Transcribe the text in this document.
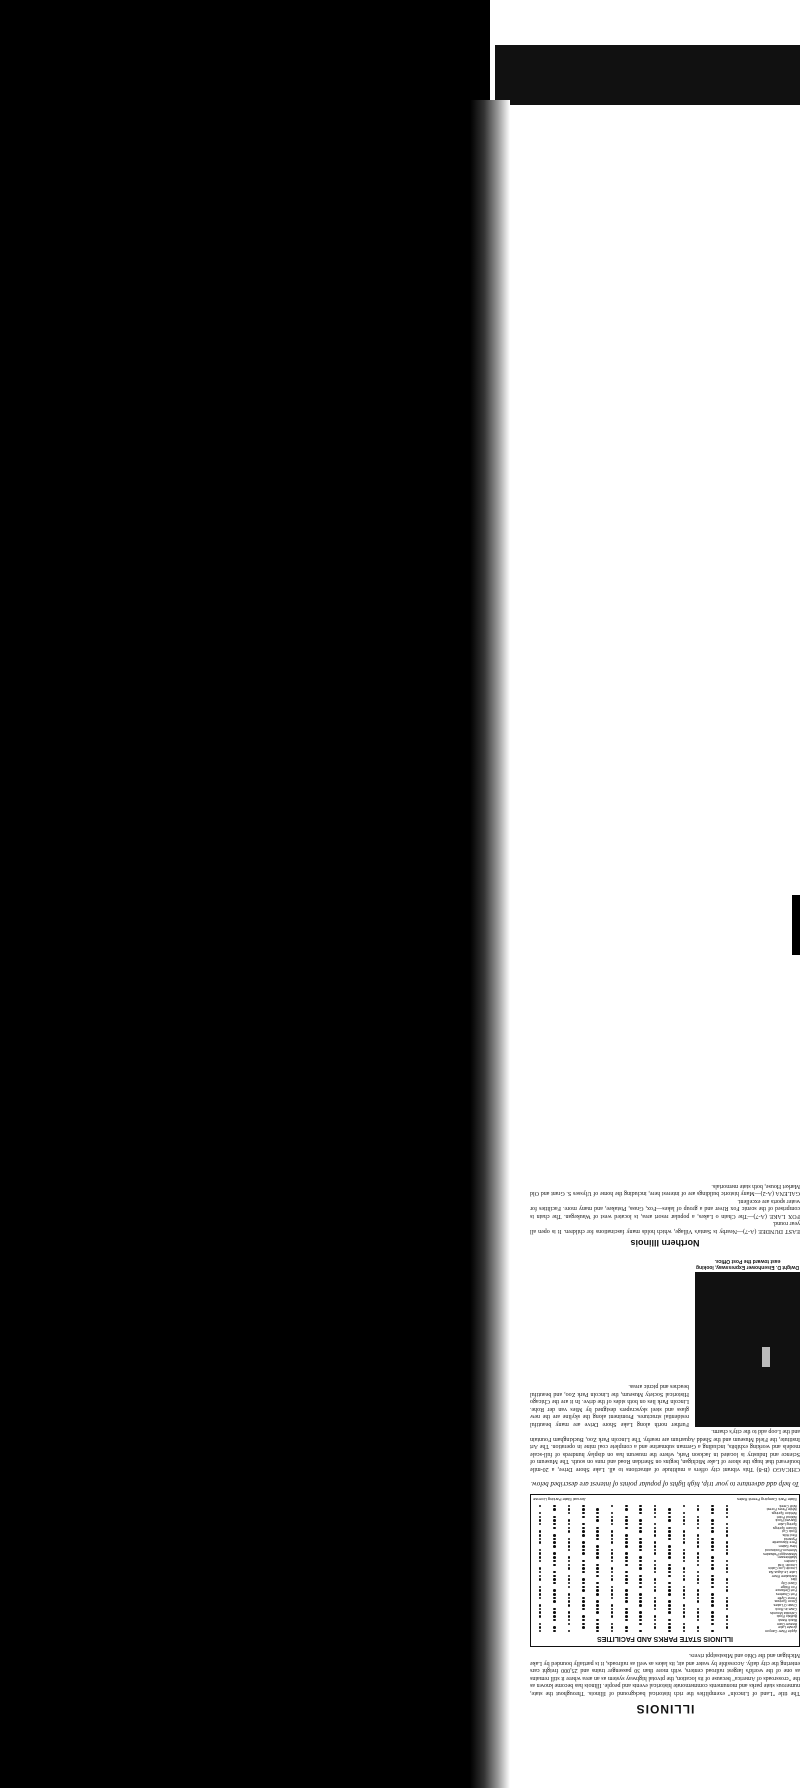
ILLINOIS

The title "Land of Lincoln" exemplifies the rich historical background of Illinois. Throughout the state, numerous state parks and monuments commemorate historical events and people. Illinois has become known as the "crossroads of America" because of its location, the pivotal highway system as an area where it still remains as one of the world's largest railroad centers, with more than 30 passenger trains and 25,000 freight cars entering the city daily. Accessible by water and air, its lakes as well as railroads, it is partially bounded by Lake Michigan and the Ohio and Mississippi rivers.

ILLINOIS STATE PARKS AND FACILITIES
Apple River Canyon
Argyle Lake
Beaver Dam
Black Hawk
Buffalo Rock
Cahokia Mounds
Cave-in-Rock
Chain O'Lakes
Dixon Springs
Ferne Clyffe
Fort Chartres
Fort Defiance
Fox Ridge
Giant City
Illini
Kankakee River
Lake Le-Aqua-Na
Lincoln Log Cabin
Lincoln Trail
Lowden
Matthiessen
Mississippi Palisades
Morrison-Rockwood
New Salem
Pere Marquette
Pyramid
Red Hills
Rock Cut
Siloam Springs
Spring Lake
Starved Rock
Walnut Point
Weldon Springs
White Pines Forest
Wolf Creek
State Park Camping Permit Rates
Annual State Parking License
To help add adventure to your trip, high lights of popular points of interest are described below.

CHICAGO (B-8) This vibrant city offers a multitude of attractions to all. Lake Shore Drive, a 20-mile boulevard that hugs the shore of Lake Michigan, begins on Sheridan Road and runs on south. The Museum of Science and Industry is located in Jackson Park, where the museum has on display hundreds of full-scale models and working exhibits, including a German submarine and a complete coal mine in operation. The Art Institute, the Field Museum and the Shedd Aquarium are nearby. The Lincoln Park Zoo, Buckingham Fountain and the Loop add to the city's charm.

Dwight D. Eisenhower Expressway, looking east toward the Post Office.

Further north along Lake Shore Drive are many beautiful residential structures. Prominent along the skyline are the new glass and steel skyscrapers designed by Mies van der Rohe. Lincoln Park lies on both sides of the drive. In it are the Chicago Historical Society Museum, the Lincoln Park Zoo, and beautiful beaches and picnic areas.

Northern Illinois

EAST DUNDEE (A-7)—Nearby is Santa's Village, which holds many fascinations for children. It is open all year round.

FOX LAKE (A-7)—The Chain o Lakes, a popular resort area, is located west of Waukegan. The chain is comprised of the scenic Fox River and a group of lakes—Fox, Grass, Pistakee, and many more. Facilities for water sports are excellent.

GALENA (A-2)—Many historic buildings are of interest here, including the home of Ulysses S. Grant and Old Market House, both state memorials.
